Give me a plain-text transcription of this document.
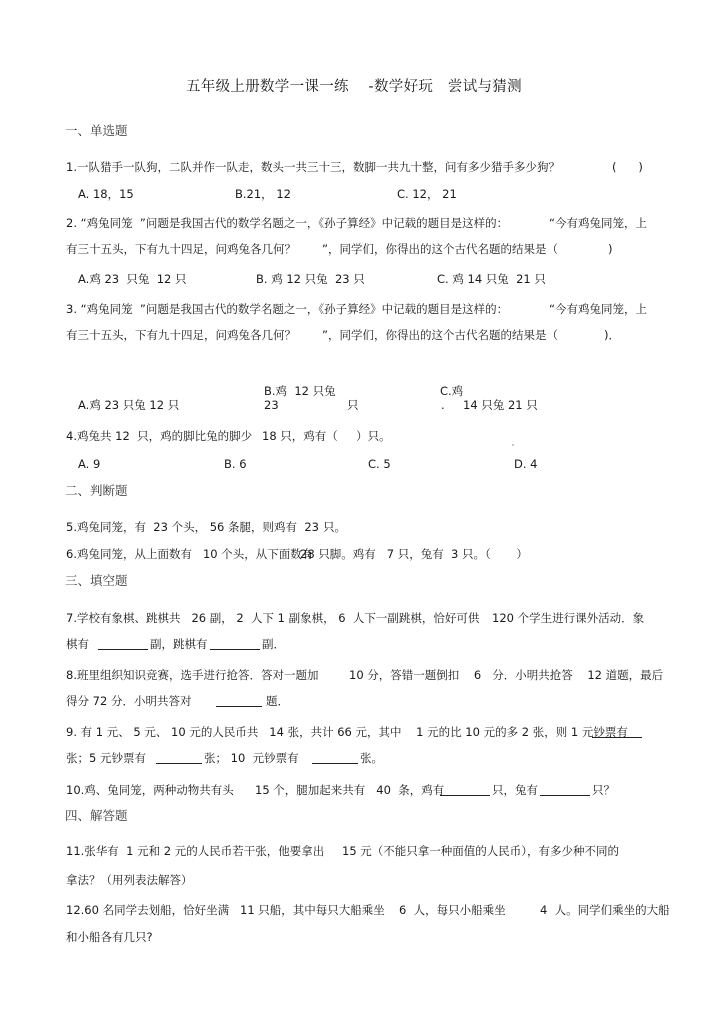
五年级上册数学一课一练    -数学好玩   尝试与猜测
一、单选题
1.一队猎手一队狗，二队并作一队走，数头一共三十三，数脚一共九十整，问有多少猎手多少狗？	(      )
A. 18，15	B.21， 12	C. 12， 21
2. “鸡兔同笼  ”问题是我国古代的数学名题之一，《孙子算经》中记载的题目是这样的：	“今有鸡兔同笼，上
有三十五头，下有九十四足，问鸡兔各几何？ ”，同学们，你得出的这个古代名题的结果是（	)
A.鸡 23  只兔  12 只	B. 鸡 12 只兔  23 只	C. 鸡 14 只兔  21 只
3. “鸡兔同笼  ”问题是我国古代的数学名题之一，《孙子算经》中记载的题目是这样的：	“今有鸡兔同笼，上
有三十五头，下有九十四足，问鸡兔各几何？ ”，同学们，你得出的这个古代名题的结果是（	)．
A.鸡 23 只兔 12 只
B.鸡  12 只兔
23	只
C.鸡
. 14 只兔 21 只
4.鸡兔共 12  只，鸡的脚比兔的脚少 18 只，鸡有（     ）只。
A. 9	B. 6	C. 5	D. 4
二、判断题
5.鸡兔同笼，有  23 个头， 56 条腿，则鸡有  23 只。
6.鸡兔同笼，从上面数有   10 个头，从下面数有
28 只脚。鸡有   7 只，兔有  3 只。（       ）
三、填空题
7.学校有象棋、跳棋共   26 副， 2  人下 1 副象棋， 6  人下一副跳棋，恰好可供 120 个学生进行课外活动．象
棋有	副，跳棋有	副．
8.班里组织知识竞赛，选手进行抢答．答对一题加	10 分，答错一题倒扣    6   分．小明共抢答    12 道题，最后
得分 72 分．小明共答对	题．
9. 有 1 元、 5 元、 10 元的人民币共   14 张，共计 66 元，其中    1 元的比 10 元的多 2 张，则 1 元钞票有
张；5 元钞票有	张； 10  元钞票有	张。
10.鸡、兔同笼，两种动物共有头 15 个，腿加起来共有   40  条，鸡有	只，兔有	只？
四、解答题
11.张华有  1 元和 2 元的人民币若干张，他要拿出 15 元（不能只拿一种面值的人民币），有多少种不同的
拿法？（用列表法解答）
12.60 名同学去划船，恰好坐满 11 只船，其中每只大船乘坐 6  人，每只小船乘坐	4  人。同学们乘坐的大船
和小船各有几只?
